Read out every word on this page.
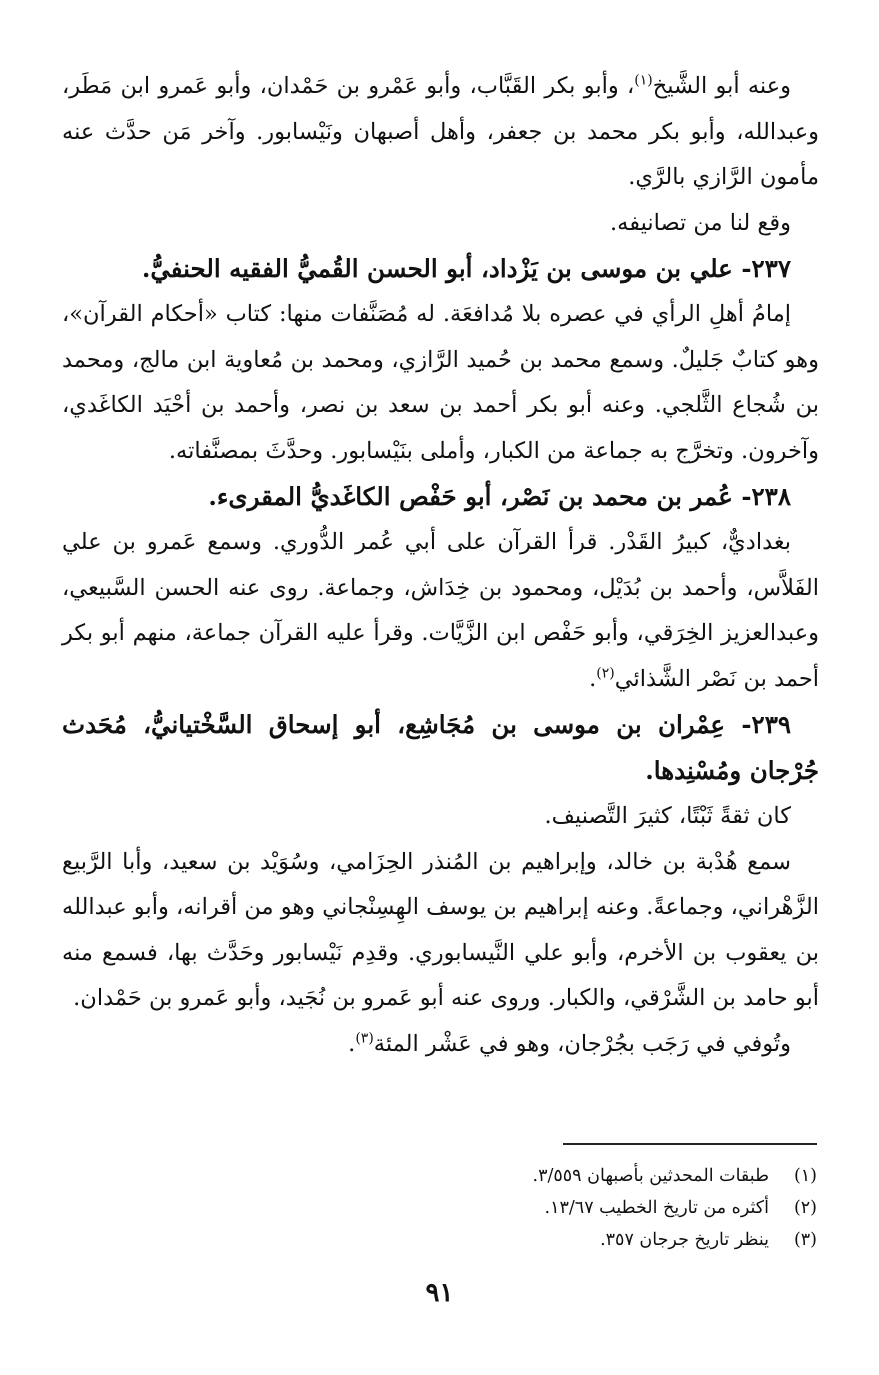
وعنه أبو الشَّيخ$^{(١)}$، وأبو بكر القَبَّاب، وأبو عَمْرو بن حَمْدان، وأبو عَمرو ابن مَطَر، وعبدالله، وأبو بكر محمد بن جعفر، وأهل أصبهان ونَيْسابور. وآخر مَن حدَّث عنه مأمون الرَّازي بالرَّي.

وقع لنا من تصانيفه.

٢٣٧- علي بن موسى بن يَزْداد، أبو الحسن القُميُّ الفقيه الحنفيُّ.

إمامُ أهلِ الرأي في عصره بلا مُدافعَة. له مُصَنَّفات منها: كتاب «أحكام القرآن»، وهو كتابٌ جَليلٌ. وسمع محمد بن حُميد الرَّازي، ومحمد بن مُعاوية ابن مالج، ومحمد بن شُجاع الثَّلجي. وعنه أبو بكر أحمد بن سعد بن نصر، وأحمد بن أحْيَد الكاغَدي، وآخرون. وتخرَّج به جماعة من الكبار، وأملى بنَيْسابور. وحدَّثَ بمصنَّفاته.

٢٣٨- عُمر بن محمد بن نَصْر، أبو حَفْص الكاغَديُّ المقرىء.

بغداديٌّ، كبيرُ القَدْر. قرأ القرآن على أبي عُمر الدُّوري. وسمع عَمرو بن علي الفَلاَّس، وأحمد بن بُدَيْل، ومحمود بن خِدَاش، وجماعة. روى عنه الحسن السَّبيعي، وعبدالعزيز الخِرَقي، وأبو حَفْص ابن الزَّيَّات. وقرأ عليه القرآن جماعة، منهم أبو بكر أحمد بن نَصْر الشَّذائي$^{(٢)}$.

٢٣٩- عِمْران بن موسى بن مُجَاشِع، أبو إسحاق السَّخْتيانيُّ، مُحَدث جُرْجان ومُسْنِدها.

كان ثقةً ثَبْتًا، كثيرَ التَّصنيف.

سمع هُدْبة بن خالد، وإبراهيم بن المُنذر الحِزَامي، وسُوَيْد بن سعيد، وأبا الرَّبيع الزَّهْراني، وجماعةً. وعنه إبراهيم بن يوسف الهِسِنْجاني وهو من أقرانه، وأبو عبدالله بن يعقوب بن الأخرم، وأبو علي النَّيسابوري. وقدِم نَيْسابور وحَدَّث بها، فسمع منه أبو حامد بن الشَّرْقي، والكبار. وروى عنه أبو عَمرو بن نُجَيد، وأبو عَمرو بن حَمْدان.

وتُوفي في رَجَب بجُرْجان، وهو في عَشْر المئة$^{(٣)}$.

(١)
طبقات المحدثين بأصبهان ٣/٥٥٩.
(٢)
أكثره من تاريخ الخطيب ١٣/٦٧.
(٣)
ينظر تاريخ جرجان ٣٥٧.
٩١
